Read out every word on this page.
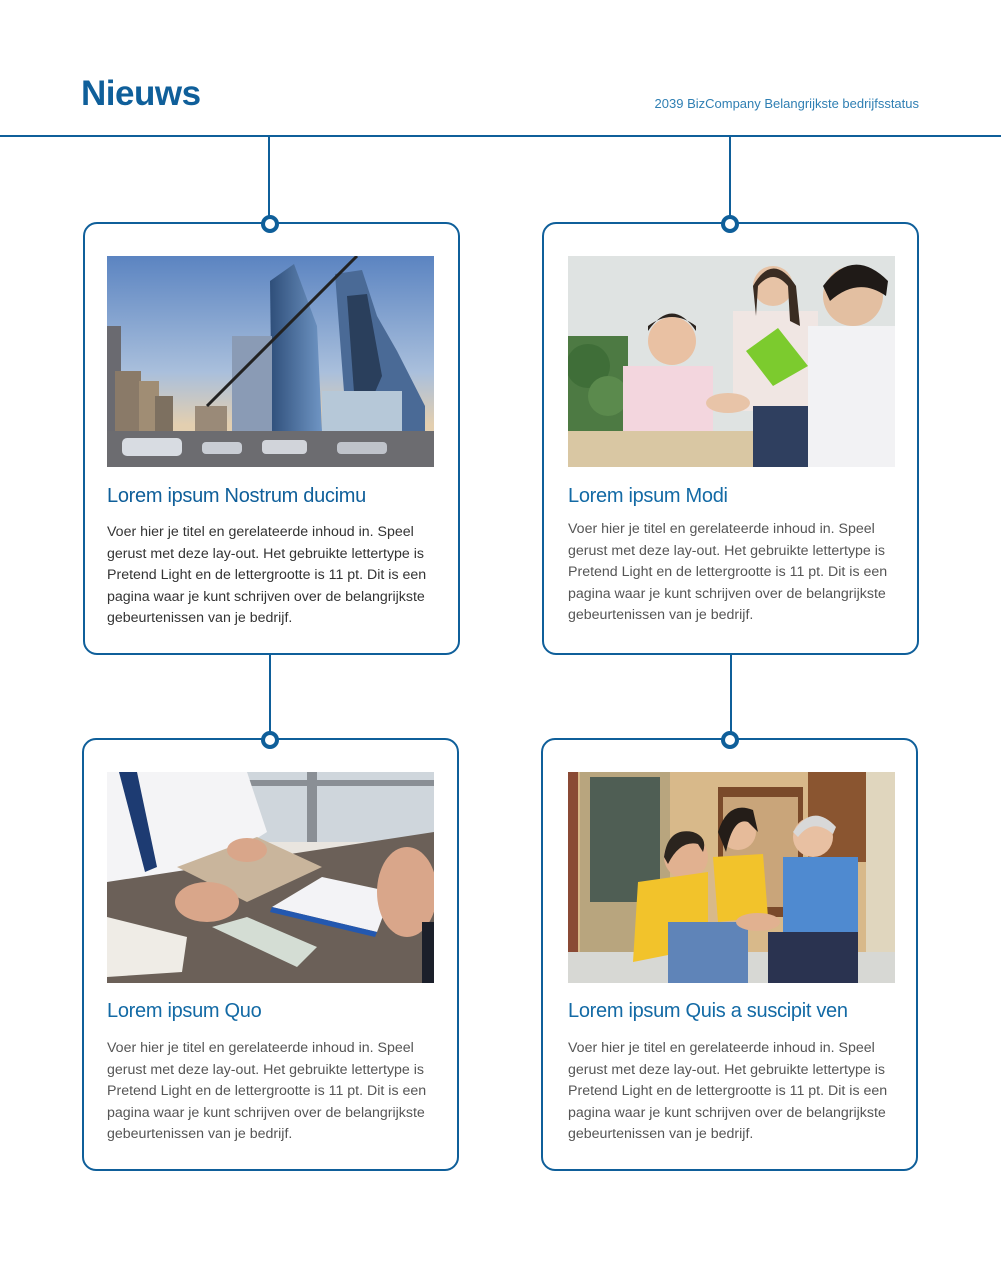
Nieuws	2039 BizCompany Belangrijkste bedrijfsstatus
Lorem ipsum Nostrum ducimu
Voer hier je titel en gerelateerde inhoud in. Speel gerust met deze lay-out. Het gebruikte lettertype is Pretend Light en de lettergrootte is 11 pt. Dit is een pagina waar je kunt schrijven over de belangrijkste gebeurtenissen van je bedrijf.
Lorem ipsum Modi
Voer hier je titel en gerelateerde inhoud in. Speel gerust met deze lay-out. Het gebruikte lettertype is Pretend Light en de lettergrootte is 11 pt. Dit is een pagina waar je kunt schrijven over de belangrijkste gebeurtenissen van je bedrijf.
Lorem ipsum Quo
Voer hier je titel en gerelateerde inhoud in. Speel gerust met deze lay-out. Het gebruikte lettertype is Pretend Light en de lettergrootte is 11 pt. Dit is een pagina waar je kunt schrijven over de belangrijkste gebeurtenissen van je bedrijf.
Lorem ipsum Quis a suscipit ven
Voer hier je titel en gerelateerde inhoud in. Speel gerust met deze lay-out. Het gebruikte lettertype is Pretend Light en de lettergrootte is 11 pt. Dit is een pagina waar je kunt schrijven over de belangrijkste gebeurtenissen van je bedrijf.
